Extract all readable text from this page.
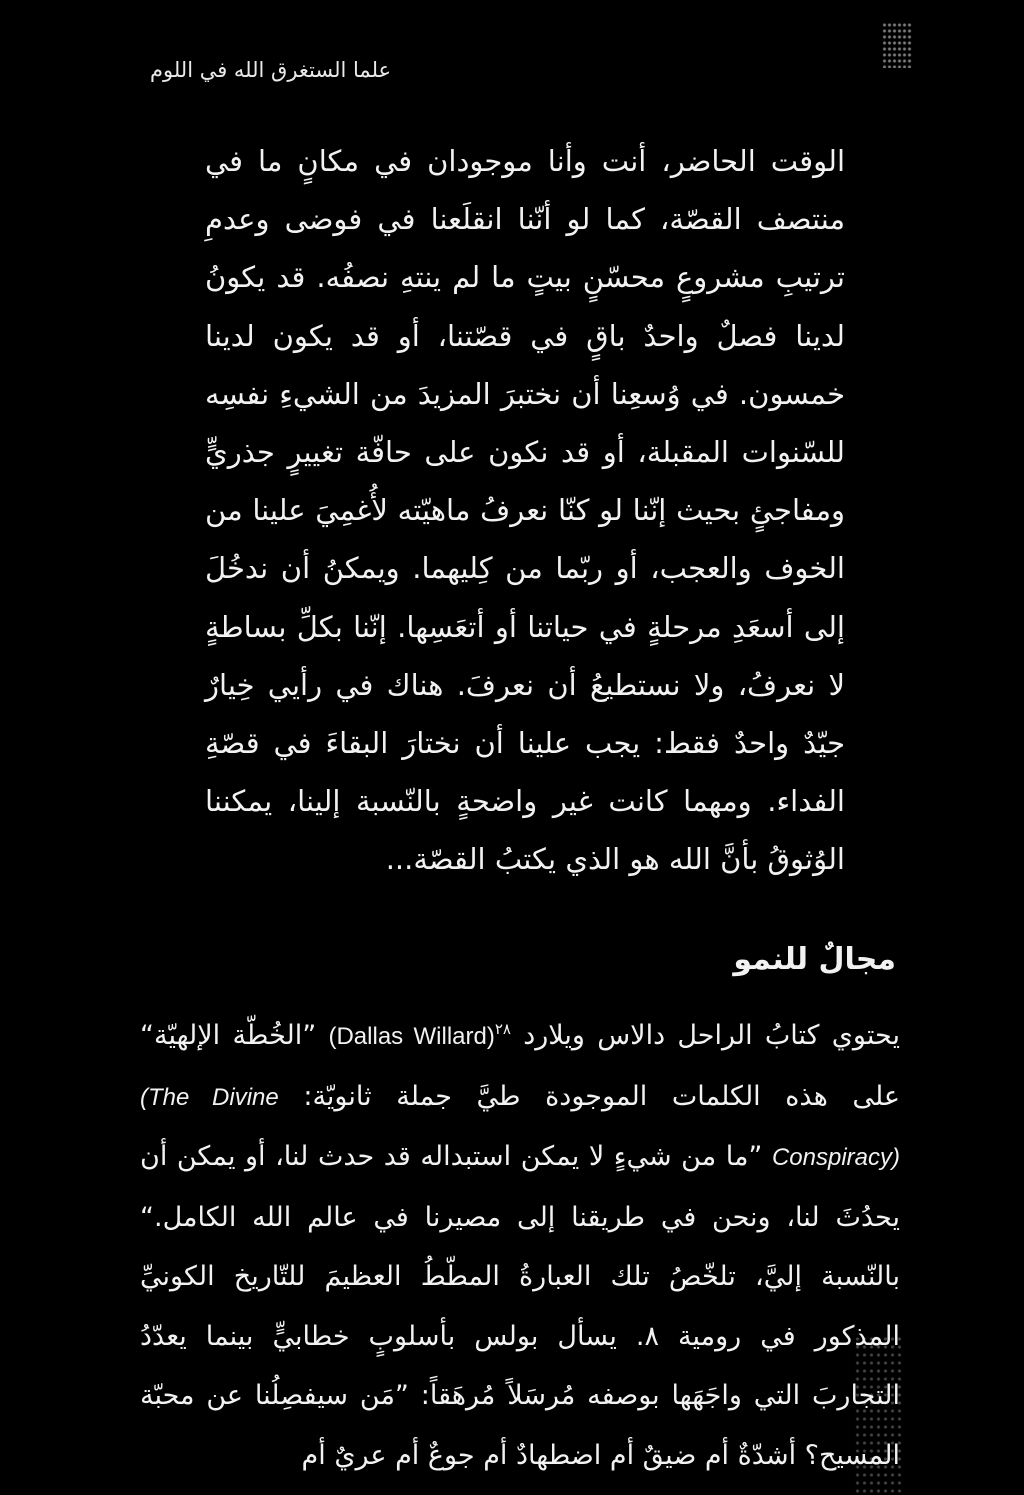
علما الستغرق الله في اللوم

الوقت الحاضر، أنت وأنا موجودان في مكانٍ ما في منتصف القصّة، كما لو أنّنا انقلَعنا في فوضى وعدمِ ترتيبِ مشروعٍ محسّنٍ بيتٍ ما لم ينتهِ نصفُه. قد يكونُ لدينا فصلٌ واحدٌ باقٍ في قصّتنا، أو قد يكون لدينا خمسون. في وُسعِنا أن نختبرَ المزيدَ من الشيءِ نفسِه للسّنوات المقبلة، أو قد نكون على حافّة تغييرٍ جذريٍّ ومفاجئٍ بحيث إنّنا لو كنّا نعرفُ ماهيّته لأُغمِيَ علينا من الخوف والعجب، أو ربّما من كِليهما. ويمكنُ أن ندخُلَ إلى أسعَدِ مرحلةٍ في حياتنا أو أتعَسِها. إنّنا بكلِّ بساطةٍ لا نعرفُ، ولا نستطيعُ أن نعرفَ. هناك في رأيي خِيارٌ جيّدٌ واحدٌ فقط: يجب علينا أن نختارَ البقاءَ في قصّةِ الفداء. ومهما كانت غير واضحةٍ بالنّسبة إلينا، يمكننا الوُثوقُ بأنَّ الله هو الذي يكتبُ القصّة...

مجالٌ للنمو

يحتوي كتابُ الراحل دالاس ويلارد (Dallas Willard)$^{٢٨}$ ”الخُطّة الإلهيّة“ على هذه الكلمات الموجودة طيَّ جملة ثانويّة: (The Divine Conspiracy) ”ما من شيءٍ لا يمكن استبداله قد حدث لنا، أو يمكن أن يحدُثَ لنا، ونحن في طريقنا إلى مصيرنا في عالم الله الكامل.“ بالنّسبة إليَّ، تلخّصُ تلك العبارةُ المطّطُ العظيمَ للتّاريخ الكونيِّ المذكور في رومية ٨. يسأل بولس بأسلوبٍ خطابيٍّ بينما يعدّدُ التجاربَ التي واجَهَها بوصفه مُرسَلاً مُرهَقاً: ”مَن سيفصِلُنا عن محبّة المسيح؟ أشدّةٌ أم ضيقٌ أم اضطهادٌ أم جوعٌ أم عريٌ أم
